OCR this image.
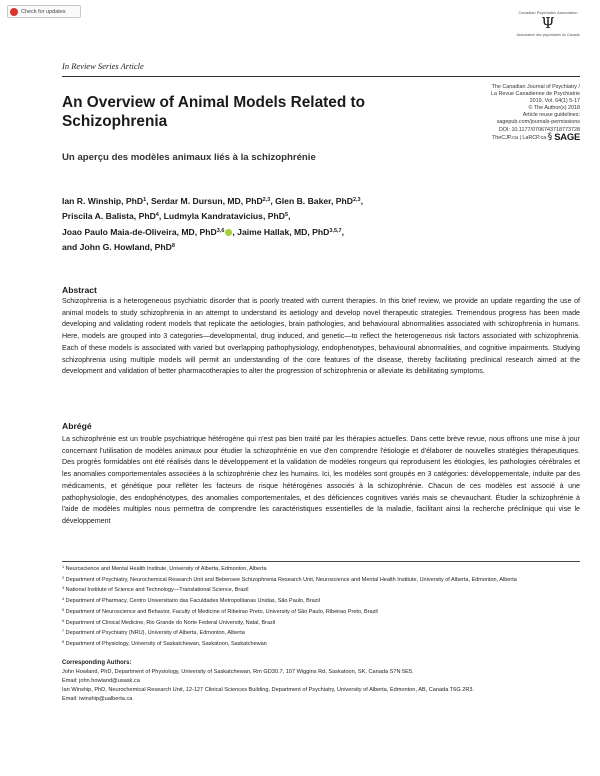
Check for updates	Canadian Psychiatric Association
Ψ
Association des psychiatres du Canada
In Review Series Article
The Canadian Journal of Psychiatry /
La Revue Canadienne de Psychiatrie
2019, Vol. 64(1) 5-17
© The Author(s) 2018
Article reuse guidelines:
sagepub.com/journals-permissions
DOI: 10.1177/0706743718773728
TheCJP.ca | LaRCP.ca § SAGE
An Overview of Animal Models Related to Schizophrenia
Un aperçu des modèles animaux liés à la schizophrénie
Ian R. Winship, PhD$^1$, Serdar M. Dursun, MD, PhD$^{2,3}$, Glen B. Baker, PhD$^{2,3}$,
Priscila A. Balista, PhD$^4$, Ludmyla Kandratavicius, PhD$^5$,
Joao Paulo Maia-de-Oliveira, MD, PhD$^{3,6}$ , Jaime Hallak, MD, PhD$^{3,5,7}$,
and John G. Howland, PhD$^8$
Abstract
Schizophrenia is a heterogeneous psychiatric disorder that is poorly treated with current therapies. In this brief review, we provide an update regarding the use of animal models to study schizophrenia in an attempt to understand its aetiology and develop novel therapeutic strategies. Tremendous progress has been made developing and validating rodent models that replicate the aetiologies, brain pathologies, and behavioural abnormalities associated with schizophrenia in humans. Here, models are grouped into 3 categories—developmental, drug induced, and genetic—to reflect the heterogeneous risk factors associated with schizophrenia. Each of these models is associated with varied but overlapping pathophysiology, endophenotypes, behavioural abnormalities, and cognitive impairments. Studying schizophrenia using multiple models will permit an understanding of the core features of the disease, thereby facilitating preclinical research aimed at the development and validation of better pharmacotherapies to alter the progression of schizophrenia or alleviate its debilitating symptoms.
Abrégé
La schizophrénie est un trouble psychiatrique hétérogène qui n'est pas bien traité par les thérapies actuelles. Dans cette brève revue, nous offrons une mise à jour concernant l'utilisation de modèles animaux pour étudier la schizophrénie en vue d'en comprendre l'étiologie et d'élaborer de nouvelles stratégies thérapeutiques. Des progrès formidables ont été réalisés dans le développement et la validation de modèles rongeurs qui reproduisent les étiologies, les pathologies cérébrales et les anomalies comportementales associées à la schizophrénie chez les humains. Ici, les modèles sont groupés en 3 catégories: développementale, induite par des médicaments, et génétique pour refléter les facteurs de risque hétérogènes associés à la schizophrénie. Chacun de ces modèles est associé à une pathophysiologie, des endophénotypes, des anomalies comportementales, et des déficiences cognitives variés mais se chevauchant. Étudier la schizophrénie à l'aide de modèles multiples nous permettra de comprendre les caractéristiques essentielles de la maladie, facilitant ainsi la recherche préclinique qui vise le développement
$^1$ Neuroscience and Mental Health Institute, University of Alberta, Edmonton, Alberta
$^2$ Department of Psychiatry, Neurochemical Research Unit and Bebensee Schizophrenia Research Unit, Neuroscience and Mental Health Institute, University of Alberta, Edmonton, Alberta
$^3$ National Institute of Science and Technology—Translational Science, Brazil
$^4$ Department of Pharmacy, Centro Universitario das Faculdades Metropolitanas Unidas, São Paulo, Brazil
$^5$ Department of Neuroscience and Behavior, Faculty of Medicine of Ribeirao Preto, University of São Paulo, Ribeirao Preto, Brazil
$^6$ Department of Clinical Medicine, Rio Grande do Norte Federal University, Natal, Brazil
$^7$ Department of Psychiatry (NRU), University of Alberta, Edmonton, Alberta
$^8$ Department of Physiology, University of Saskatchewan, Saskatoon, Saskatchewan
Corresponding Authors:
John Howland, PhD, Department of Physiology, University of Saskatchewan, Rm GD30.7, 107 Wiggins Rd, Saskatoon, SK, Canada S7N 5E5.
Email: john.howland@usask.ca
Ian Winship, PhD, Neurochemical Research Unit, 12-127 Clinical Sciences Building, Department of Psychiatry, University of Alberta, Edmonton, AB, Canada T6G 2R3.
Email: iwinship@ualberta.ca
